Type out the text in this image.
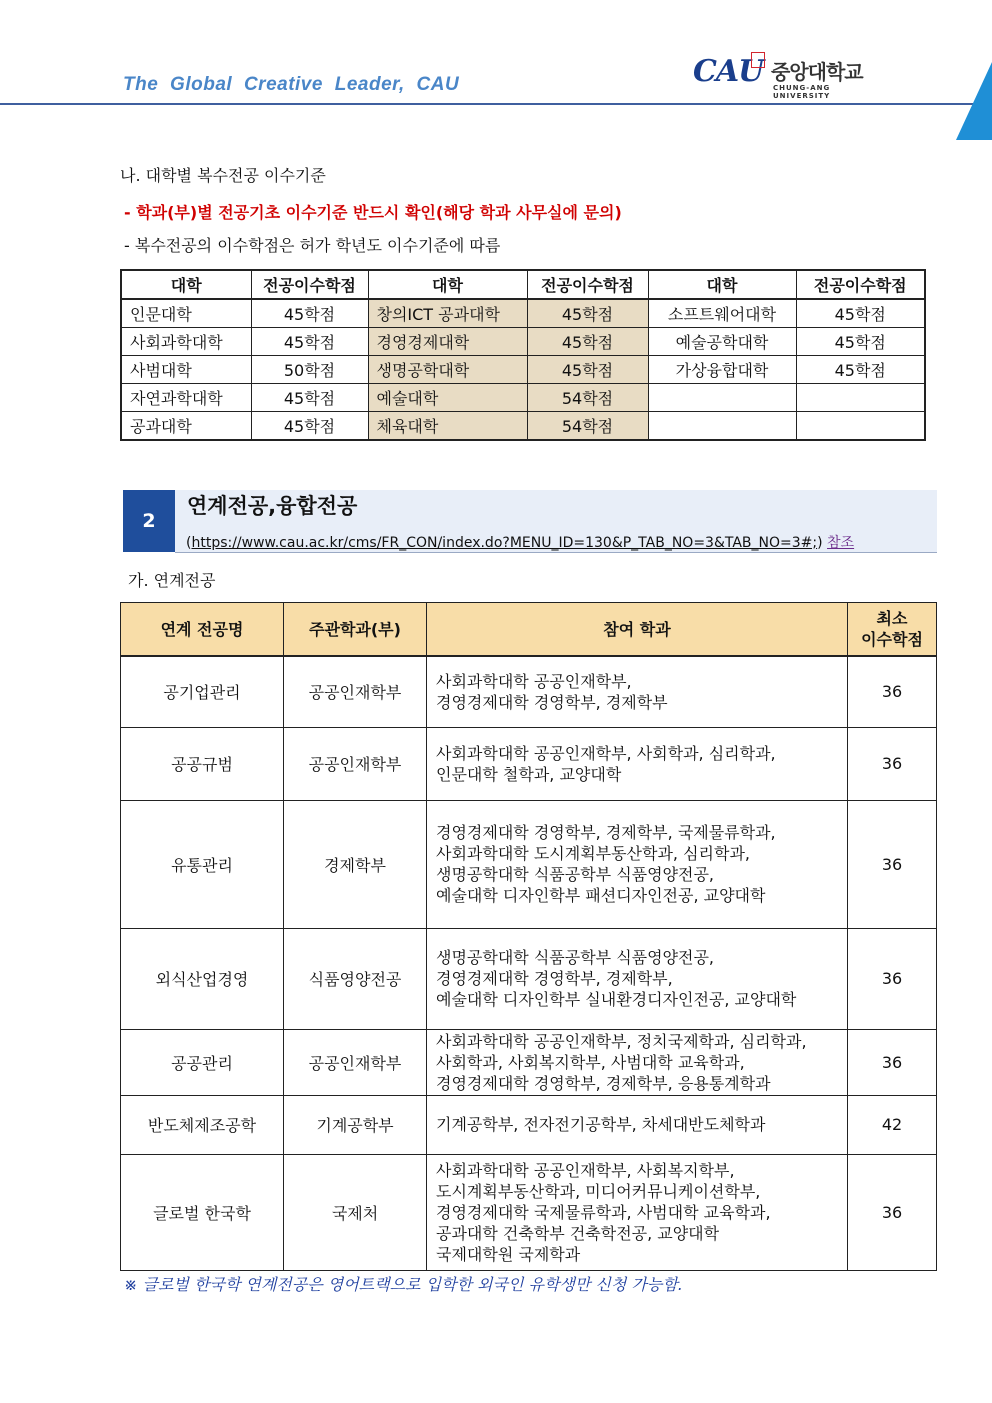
The Global Creative Leader, CAU	CAU 중앙대학교
CHUNG-ANG UNIVERSITY
나. 대학별 복수전공 이수기준
- 학과(부)별 전공기초 이수기준 반드시 확인(해당 학과 사무실에 문의)
- 복수전공의 이수학점은 허가 학년도 이수기준에 따름
대학	전공이수학점	대학	전공이수학점	대학	전공이수학점
인문대학	45학점	창의ICT 공과대학	45학점	소프트웨어대학	45학점
사회과학대학	45학점	경영경제대학	45학점	예술공학대학	45학점
사범대학	50학점	생명공학대학	45학점	가상융합대학	45학점
자연과학대학	45학점	예술대학	54학점		
공과대학	45학점	체육대학	54학점		
2
연계전공,융합전공
(https://www.cau.ac.kr/cms/FR_CON/index.do?MENU_ID=130&P_TAB_NO=3&TAB_NO=3#;) 참조
가. 연계전공
연계 전공명	주관학과(부)	참여 학과	최소
이수학점

공기업관리	공공인재학부	사회과학대학 공공인재학부,
경영경제대학 경영학부, 경제학부	36
공공규범	공공인재학부	사회과학대학 공공인재학부, 사회학과, 심리학과,
인문대학 철학과, 교양대학	36
유통관리	경제학부	경영경제대학 경영학부, 경제학부, 국제물류학과,
사회과학대학 도시계획부동산학과, 심리학과,
생명공학대학 식품공학부 식품영양전공,
예술대학 디자인학부 패션디자인전공, 교양대학	36
외식산업경영	식품영양전공	생명공학대학 식품공학부 식품영양전공,
경영경제대학 경영학부, 경제학부,
예술대학 디자인학부 실내환경디자인전공, 교양대학	36
공공관리	공공인재학부	사회과학대학 공공인재학부, 정치국제학과, 심리학과,
사회학과, 사회복지학부, 사범대학 교육학과,
경영경제대학 경영학부, 경제학부, 응용통계학과	36
반도체제조공학	기계공학부	기계공학부, 전자전기공학부, 차세대반도체학과	42
글로벌 한국학	국제처	사회과학대학 공공인재학부, 사회복지학부,
도시계획부동산학과, 미디어커뮤니케이션학부,
경영경제대학 국제물류학과, 사범대학 교육학과,
공과대학 건축학부 건축학전공, 교양대학
국제대학원 국제학과	36
※ 글로벌 한국학 연계전공은 영어트랙으로 입학한 외국인 유학생만 신청 가능함.
